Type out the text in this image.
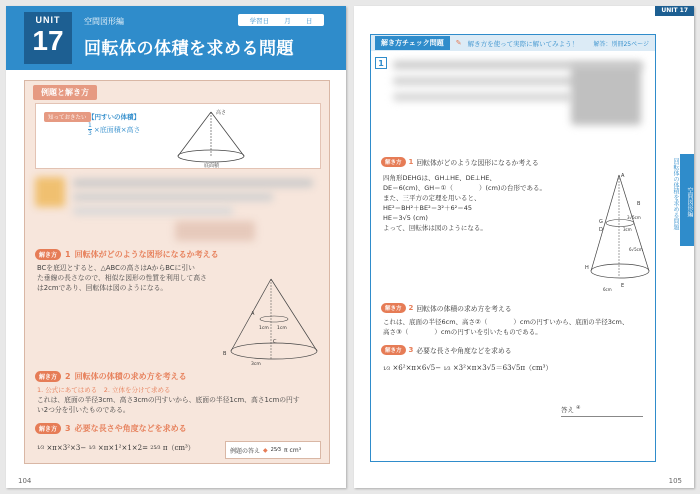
UNIT
17
空間図形編	学習日 月 日
回転体の体積を求める問題
例題と解き方
知っておきたい 【円すいの体積】
$\frac{1}{3}$ ×底面積×高さ
高さ
底面積
解き方	1 回転体がどのような図形になるか考える
BCを底辺とすると、△ABCの高さはAからBCに引い
た垂線の長さなので、相似な図形の性質を利用して高さ
は2cmであり、回転体は図のようになる。
A
B
C
1cm 1cm
3cm
解き方	2 回転体の体積の求め方を考える
1. 公式にあてはめる　2. 立体を分けて求める
これは、底面の半径3cm、高さ3cmの円すいから、底面の半径1cm、高さ1cmの円す
い2つ分を引いたものである。
解き方	3 必要な長さや角度などを求める
1⁄3 ×π×3²×3− 1⁄3 ×π×1²×1×2= 25⁄3 π（cm³）	例題の答え ◆ 25⁄3 π cm³
104
UNIT 17
解き方チェック問題	✎ 解き方を使って実際に解いてみよう！	解答：別冊25ページ
1
解き方	1 回転体がどのような図形になるか考える
四角形DEHGは、GH⊥HE、DE⊥HE、
DE＝6(cm)、GH＝①（　　　　）(cm)の台形である。
また、三平方の定理を用いると、
HE²＝BH²＋BE²＝3²＋6²＝45
HE＝3√5 (cm)
よって、回転体は図のようになる。
A
B
G
D
E
H
3√5cm
6√5cm
3cm
6cm
解き方	2 回転体の体積の求め方を考える
これは、底面の半径6cm、高さ②（　　　　）cmの円すいから、底面の半径3cm、
高さ③（　　　　）cmの円すいを引いたものである。
解き方	3 必要な長さや角度などを求める
1⁄3 ×6²×π×6√5− 1⁄3 ×3²×π×3√5＝63√5π（cm³）
答え ④
回転体の体積を求める問題	空間図形編
105
